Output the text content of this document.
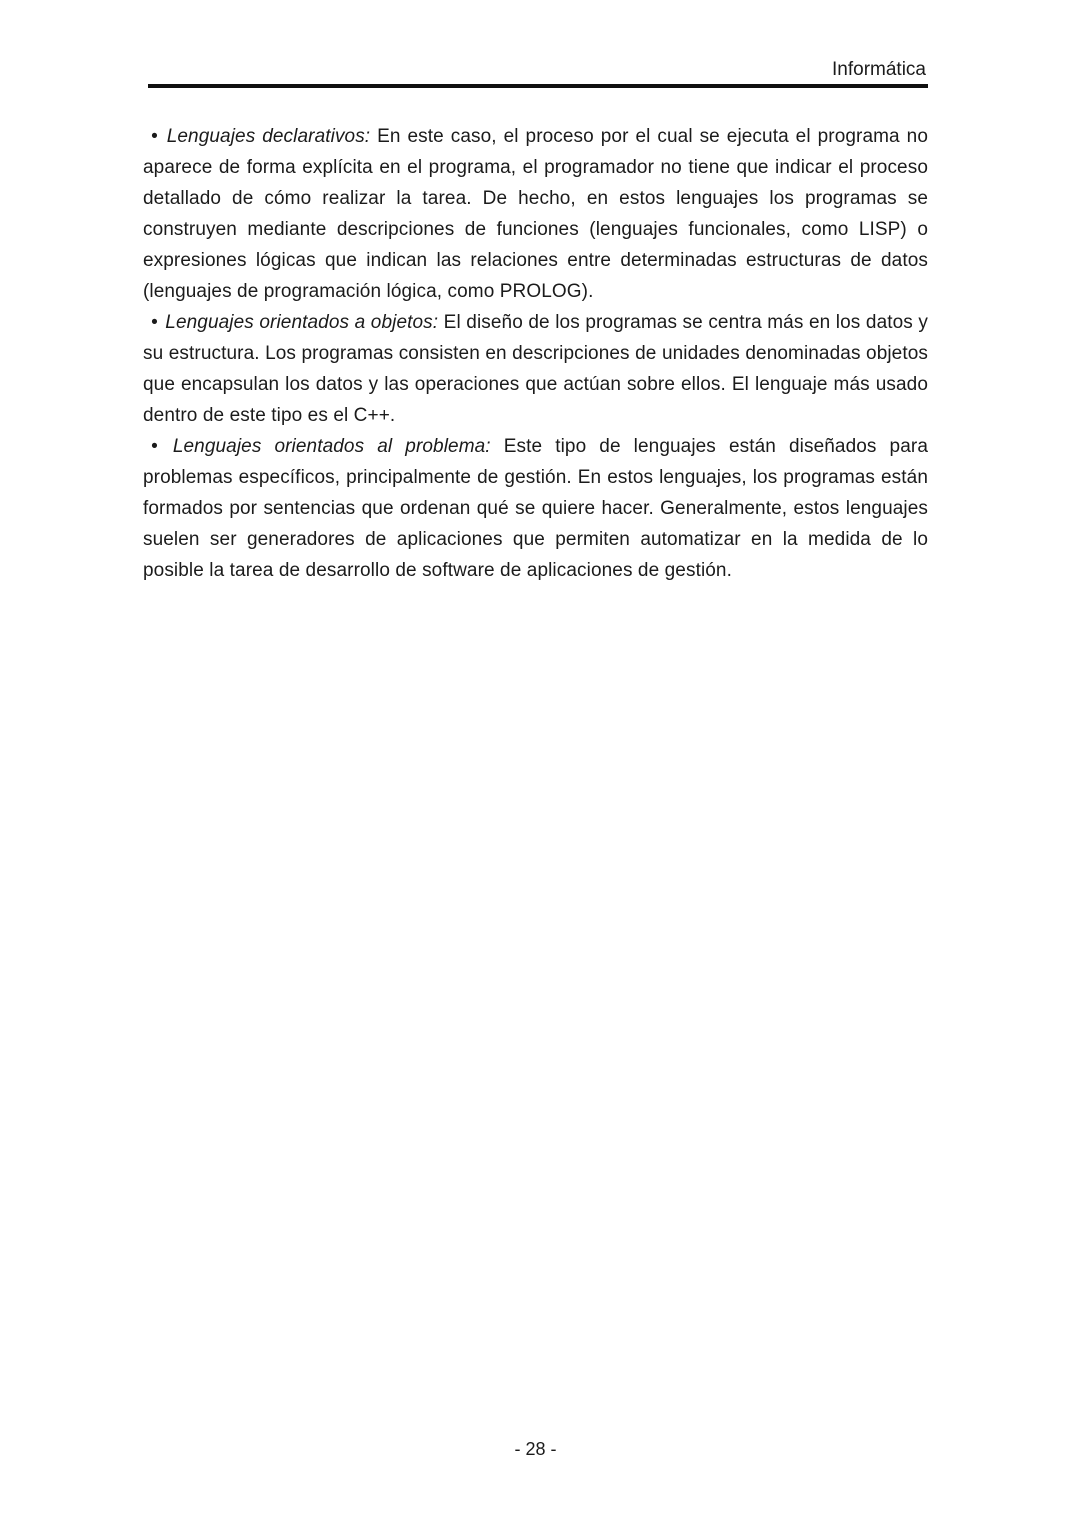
Informática

• Lenguajes declarativos: En este caso, el proceso por el cual se ejecuta el programa no aparece de forma explícita en el programa, el programador no tiene que indicar el proceso detallado de cómo realizar la tarea. De hecho, en estos lenguajes los programas se construyen mediante descripciones de funciones (lenguajes funcionales, como LISP) o expresiones lógicas que indican las relaciones entre determinadas estructuras de datos (lenguajes de programación lógica, como PROLOG).

• Lenguajes orientados a objetos: El diseño de los programas se centra más en los datos y su estructura. Los programas consisten en descripciones de unidades denominadas objetos que encapsulan los datos y las operaciones que actúan sobre ellos. El lenguaje más usado dentro de este tipo es el C++.

• Lenguajes orientados al problema: Este tipo de lenguajes están diseñados para problemas específicos, principalmente de gestión. En estos lenguajes, los programas están formados por sentencias que ordenan qué se quiere hacer. Generalmente, estos lenguajes suelen ser generadores de aplicaciones que permiten automatizar en la medida de lo posible la tarea de desarrollo de software de aplicaciones de gestión.

- 28 -
